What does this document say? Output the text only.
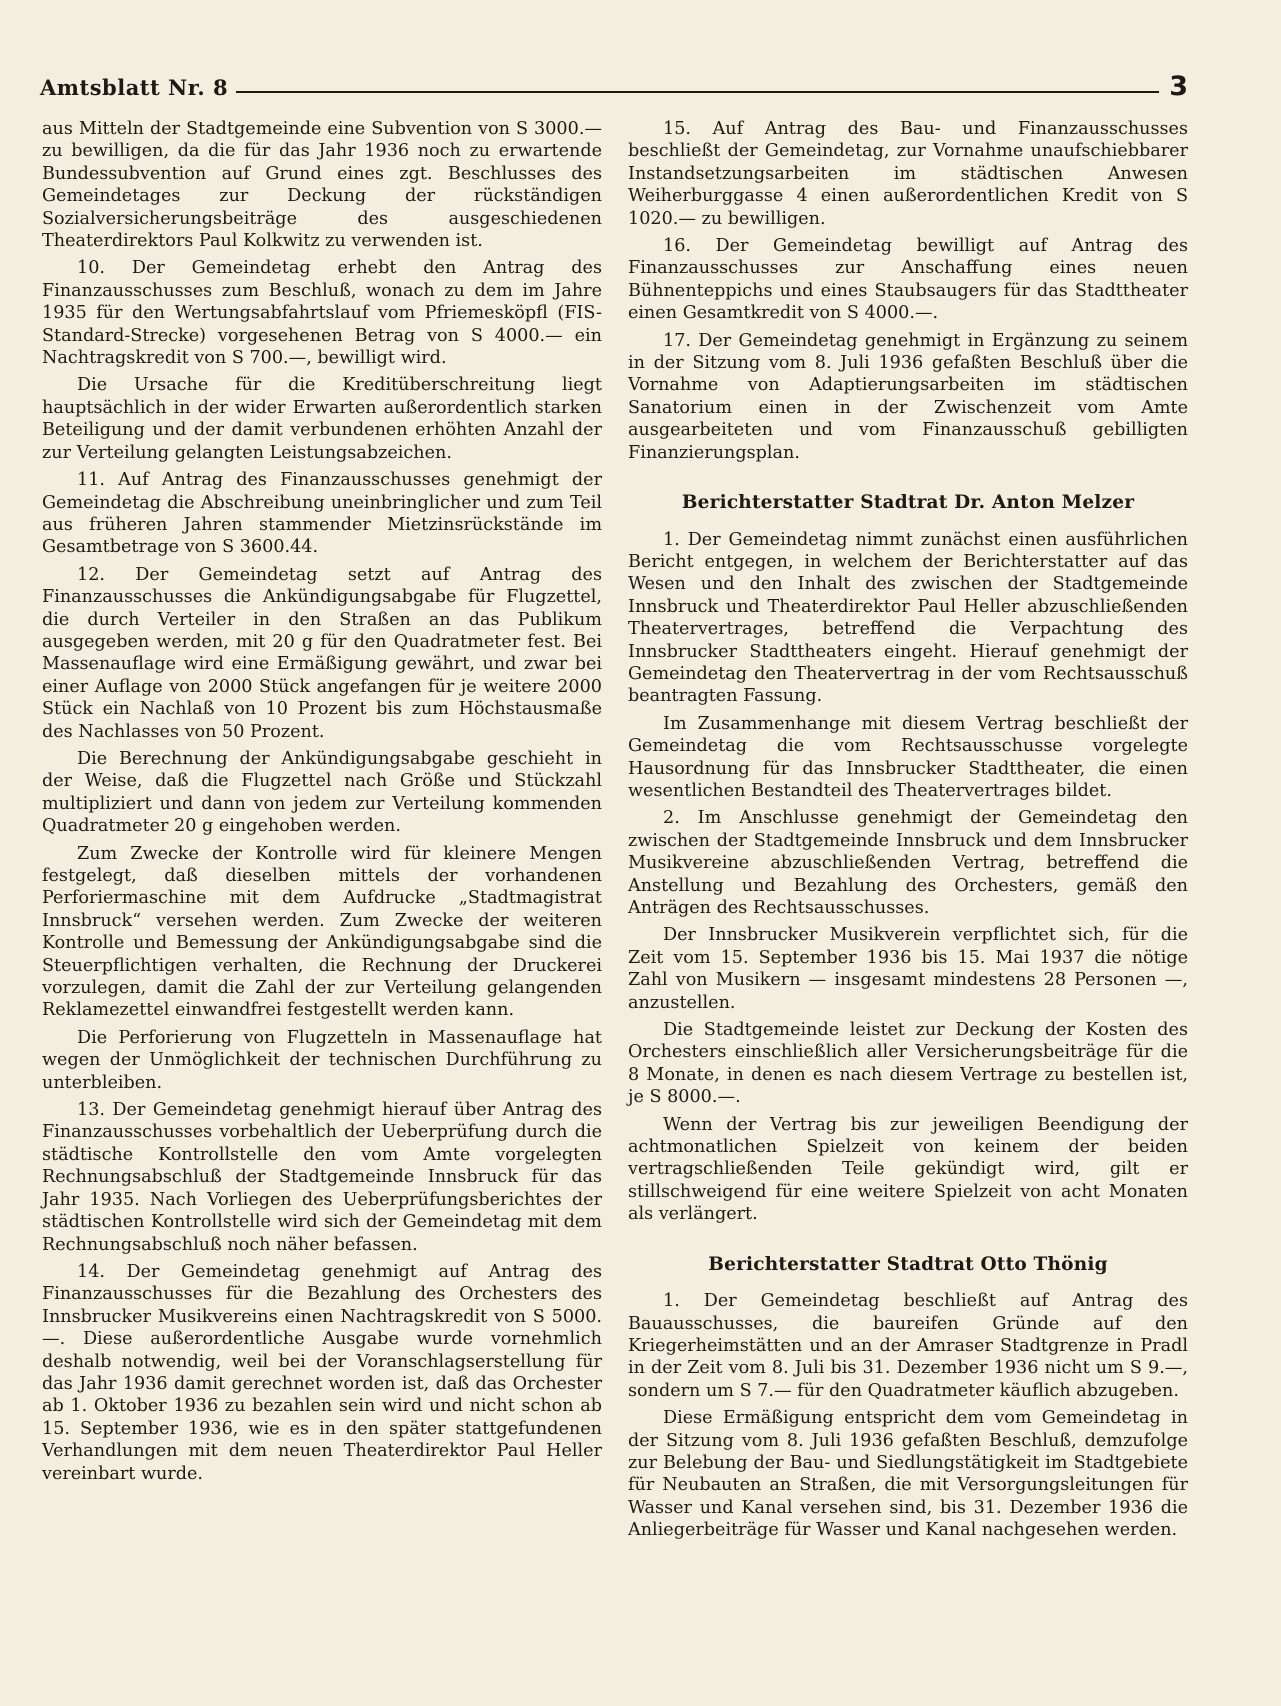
Amtsblatt Nr. 8	3

aus Mitteln der Stadtgemeinde eine Subvention von S 3000.— zu bewilligen, da die für das Jahr 1936 noch zu erwartende Bundessubvention auf Grund eines zgt. Beschlusses des Gemeindetages zur Deckung der rückständigen Sozialversicherungsbeiträge des ausgeschiedenen Theaterdirektors Paul Kolkwitz zu verwenden ist.

10. Der Gemeindetag erhebt den Antrag des Finanzausschusses zum Beschluß, wonach zu dem im Jahre 1935 für den Wertungsabfahrtslauf vom Pfriemesköpfl (FIS-Standard-Strecke) vorgesehenen Betrag von S 4000.— ein Nachtragskredit von S 700.—, bewilligt wird.

Die Ursache für die Kreditüberschreitung liegt hauptsächlich in der wider Erwarten außerordentlich starken Beteiligung und der damit verbundenen erhöhten Anzahl der zur Verteilung gelangten Leistungsabzeichen.

11. Auf Antrag des Finanzausschusses genehmigt der Gemeindetag die Abschreibung uneinbringlicher und zum Teil aus früheren Jahren stammender Mietzinsrückstände im Gesamtbetrage von S 3600.44.

12. Der Gemeindetag setzt auf Antrag des Finanzausschusses die Ankündigungsabgabe für Flugzettel, die durch Verteiler in den Straßen an das Publikum ausgegeben werden, mit 20 g für den Quadratmeter fest. Bei Massenauflage wird eine Ermäßigung gewährt, und zwar bei einer Auflage von 2000 Stück angefangen für je weitere 2000 Stück ein Nachlaß von 10 Prozent bis zum Höchstausmaße des Nachlasses von 50 Prozent.

Die Berechnung der Ankündigungsabgabe geschieht in der Weise, daß die Flugzettel nach Größe und Stückzahl multipliziert und dann von jedem zur Verteilung kommenden Quadratmeter 20 g eingehoben werden.

Zum Zwecke der Kontrolle wird für kleinere Mengen festgelegt, daß dieselben mittels der vorhandenen Perforiermaschine mit dem Aufdrucke „Stadtmagistrat Innsbruck“ versehen werden. Zum Zwecke der weiteren Kontrolle und Bemessung der Ankündigungsabgabe sind die Steuerpflichtigen verhalten, die Rechnung der Druckerei vorzulegen, damit die Zahl der zur Verteilung gelangenden Reklamezettel einwandfrei festgestellt werden kann.

Die Perforierung von Flugzetteln in Massenauflage hat wegen der Unmöglichkeit der technischen Durchführung zu unterbleiben.

13. Der Gemeindetag genehmigt hierauf über Antrag des Finanzausschusses vorbehaltlich der Ueberprüfung durch die städtische Kontrollstelle den vom Amte vorgelegten Rechnungsabschluß der Stadtgemeinde Innsbruck für das Jahr 1935. Nach Vorliegen des Ueberprüfungsberichtes der städtischen Kontrollstelle wird sich der Gemeindetag mit dem Rechnungsabschluß noch näher befassen.

14. Der Gemeindetag genehmigt auf Antrag des Finanzausschusses für die Bezahlung des Orchesters des Innsbrucker Musikvereins einen Nachtragskredit von S 5000.—. Diese außerordentliche Ausgabe wurde vornehmlich deshalb notwendig, weil bei der Voranschlagserstellung für das Jahr 1936 damit gerechnet worden ist, daß das Orchester ab 1. Oktober 1936 zu bezahlen sein wird und nicht schon ab 15. September 1936, wie es in den später stattgefundenen Verhandlungen mit dem neuen Theaterdirektor Paul Heller vereinbart wurde.

15. Auf Antrag des Bau- und Finanzausschusses beschließt der Gemeindetag, zur Vornahme unaufschiebbarer Instandsetzungsarbeiten im städtischen Anwesen Weiherburggasse 4 einen außerordentlichen Kredit von S 1020.— zu bewilligen.

16. Der Gemeindetag bewilligt auf Antrag des Finanzausschusses zur Anschaffung eines neuen Bühnenteppichs und eines Staubsaugers für das Stadttheater einen Gesamtkredit von S 4000.—.

17. Der Gemeindetag genehmigt in Ergänzung zu seinem in der Sitzung vom 8. Juli 1936 gefaßten Beschluß über die Vornahme von Adaptierungsarbeiten im städtischen Sanatorium einen in der Zwischenzeit vom Amte ausgearbeiteten und vom Finanzausschuß gebilligten Finanzierungsplan.

Berichterstatter Stadtrat Dr. Anton Melzer

1. Der Gemeindetag nimmt zunächst einen ausführlichen Bericht entgegen, in welchem der Berichterstatter auf das Wesen und den Inhalt des zwischen der Stadtgemeinde Innsbruck und Theaterdirektor Paul Heller abzuschließenden Theatervertrages, betreffend die Verpachtung des Innsbrucker Stadttheaters eingeht. Hierauf genehmigt der Gemeindetag den Theatervertrag in der vom Rechtsausschuß beantragten Fassung.

Im Zusammenhange mit diesem Vertrag beschließt der Gemeindetag die vom Rechtsausschusse vorgelegte Hausordnung für das Innsbrucker Stadttheater, die einen wesentlichen Bestandteil des Theatervertrages bildet.

2. Im Anschlusse genehmigt der Gemeindetag den zwischen der Stadtgemeinde Innsbruck und dem Innsbrucker Musikvereine abzuschließenden Vertrag, betreffend die Anstellung und Bezahlung des Orchesters, gemäß den Anträgen des Rechtsausschusses.

Der Innsbrucker Musikverein verpflichtet sich, für die Zeit vom 15. September 1936 bis 15. Mai 1937 die nötige Zahl von Musikern — insgesamt mindestens 28 Personen —, anzustellen.

Die Stadtgemeinde leistet zur Deckung der Kosten des Orchesters einschließlich aller Versicherungsbeiträge für die 8 Monate, in denen es nach diesem Vertrage zu bestellen ist, je S 8000.—.

Wenn der Vertrag bis zur jeweiligen Beendigung der achtmonatlichen Spielzeit von keinem der beiden vertragschließenden Teile gekündigt wird, gilt er stillschweigend für eine weitere Spielzeit von acht Monaten als verlängert.

Berichterstatter Stadtrat Otto Thönig

1. Der Gemeindetag beschließt auf Antrag des Bauausschusses, die baureifen Gründe auf den Kriegerheimstätten und an der Amraser Stadtgrenze in Pradl in der Zeit vom 8. Juli bis 31. Dezember 1936 nicht um S 9.—, sondern um S 7.— für den Quadratmeter käuflich abzugeben.

Diese Ermäßigung entspricht dem vom Gemeindetag in der Sitzung vom 8. Juli 1936 gefaßten Beschluß, demzufolge zur Belebung der Bau- und Siedlungstätigkeit im Stadtgebiete für Neubauten an Straßen, die mit Versorgungsleitungen für Wasser und Kanal versehen sind, bis 31. Dezember 1936 die Anliegerbeiträge für Wasser und Kanal nachgesehen werden.
